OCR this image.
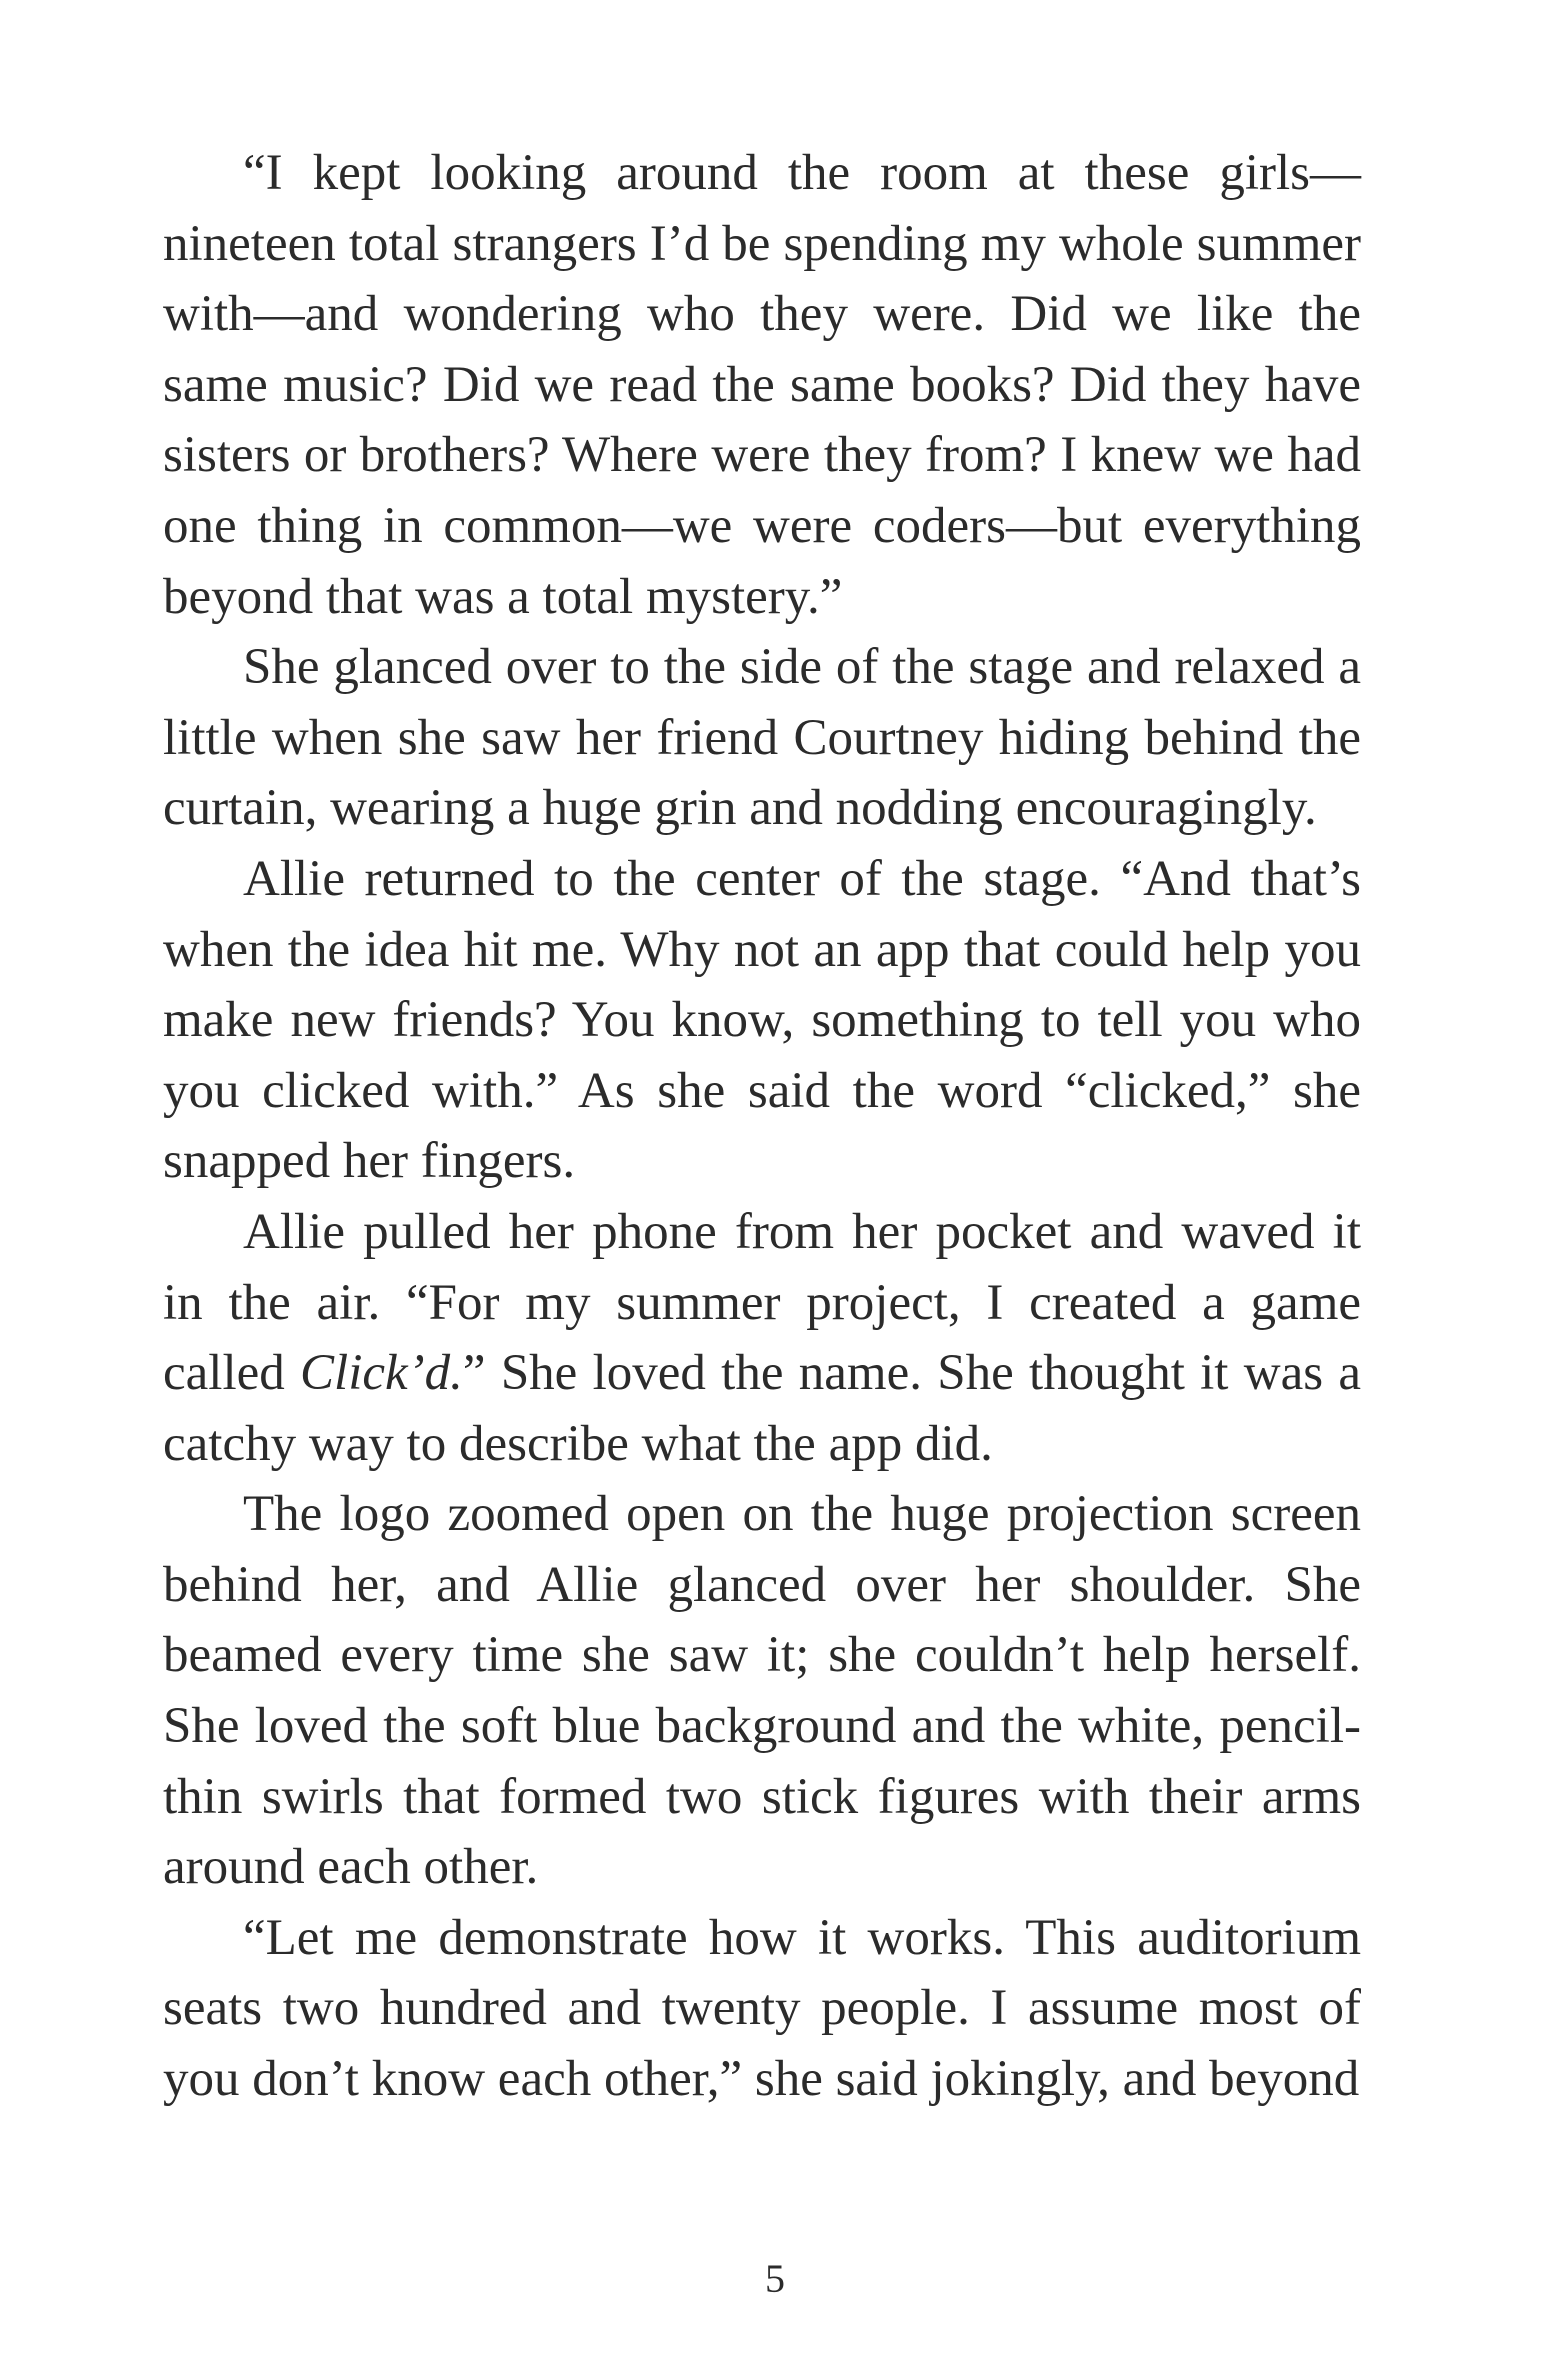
“I kept looking around the room at these girls—nineteen total strangers I’d be spending my whole summer with—and wondering who they were. Did we like the same music? Did we read the same books? Did they have sisters or brothers? Where were they from? I knew we had one thing in common—we were coders—but everything beyond that was a total mystery.”

She glanced over to the side of the stage and relaxed a little when she saw her friend Courtney hiding behind the curtain, wearing a huge grin and nodding encouragingly.

Allie returned to the center of the stage. “And that’s when the idea hit me. Why not an app that could help you make new friends? You know, something to tell you who you clicked with.” As she said the word “clicked,” she snapped her fingers.

Allie pulled her phone from her pocket and waved it in the air. “For my summer project, I created a game called Click’d.” She loved the name. She thought it was a catchy way to describe what the app did.

The logo zoomed open on the huge projection screen behind her, and Allie glanced over her shoulder. She beamed every time she saw it; she couldn’t help herself. She loved the soft blue background and the white, pencil-thin swirls that formed two stick figures with their arms around each other.

“Let me demonstrate how it works. This auditorium seats two hundred and twenty people. I assume most of you don’t know each other,” she said jokingly, and beyond

5
